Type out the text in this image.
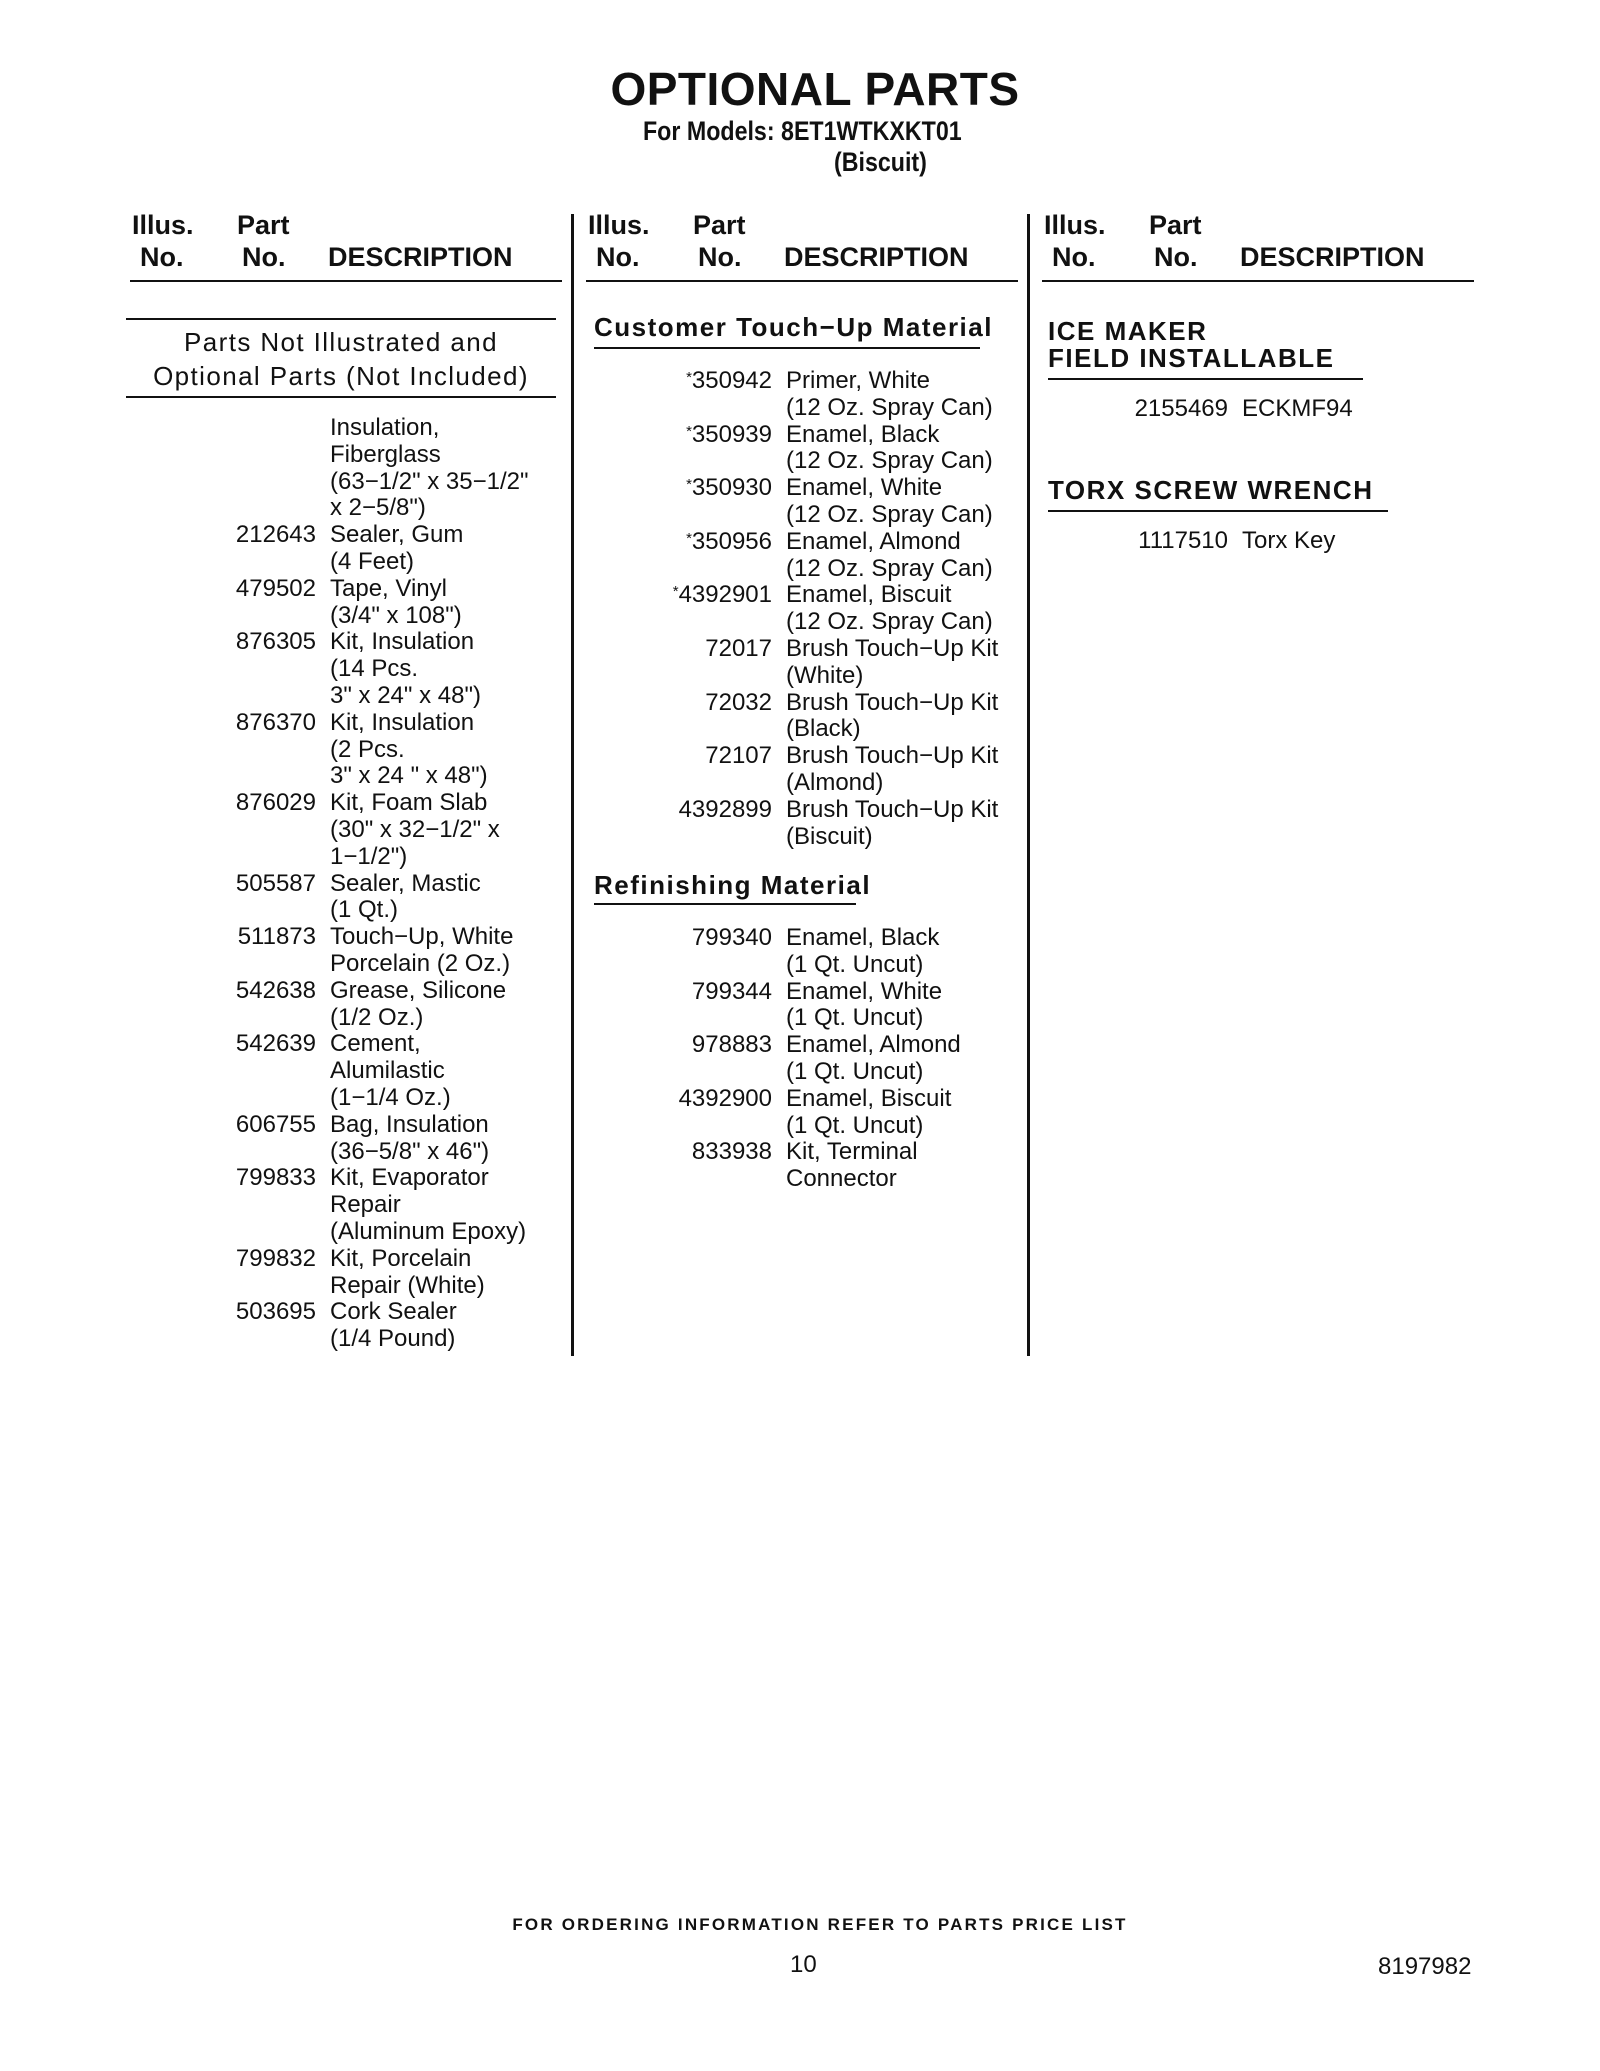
OPTIONAL PARTS
For Models: 8ET1WTKXKT01
(Biscuit)
Illus.
No.
Part
No. DESCRIPTION
Parts Not Illustrated and
Optional Parts (Not Included)
Insulation,
Fiberglass
(63−1/2" x 35−1/2"
x 2−5/8")
212643 Sealer, Gum
(4 Feet)
479502 Tape, Vinyl
(3/4" x 108")
876305 Kit, Insulation
(14 Pcs.
3" x 24" x 48")
876370 Kit, Insulation
(2 Pcs.
3" x 24 " x 48")
876029 Kit, Foam Slab
(30" x 32−1/2" x
1−1/2")
505587 Sealer, Mastic
(1 Qt.)
511873 Touch−Up, White
Porcelain (2 Oz.)
542638 Grease, Silicone
(1/2 Oz.)
542639 Cement,
Alumilastic
(1−1/4 Oz.)
606755 Bag, Insulation
(36−5/8" x 46")
799833 Kit, Evaporator
Repair
(Aluminum Epoxy)
799832 Kit, Porcelain
Repair (White)
503695 Cork Sealer
(1/4 Pound)
Illus.
No.
Part
No. DESCRIPTION
Customer Touch−Up Material
*350942 Primer, White
(12 Oz. Spray Can)
*350939 Enamel, Black
(12 Oz. Spray Can)
*350930 Enamel, White
(12 Oz. Spray Can)
*350956 Enamel, Almond
(12 Oz. Spray Can)
*4392901 Enamel, Biscuit
(12 Oz. Spray Can)
72017 Brush Touch−Up Kit
(White)
72032 Brush Touch−Up Kit
(Black)
72107 Brush Touch−Up Kit
(Almond)
4392899 Brush Touch−Up Kit
(Biscuit)
Refinishing Material
799340 Enamel, Black
(1 Qt. Uncut)
799344 Enamel, White
(1 Qt. Uncut)
978883 Enamel, Almond
(1 Qt. Uncut)
4392900 Enamel, Biscuit
(1 Qt. Uncut)
833938 Kit, Terminal
Connector
Illus.
No.
Part
No. DESCRIPTION
ICE MAKER
FIELD INSTALLABLE
2155469 ECKMF94
TORX SCREW WRENCH
1117510 Torx Key
FOR ORDERING INFORMATION REFER TO PARTS PRICE LIST
10	8197982
